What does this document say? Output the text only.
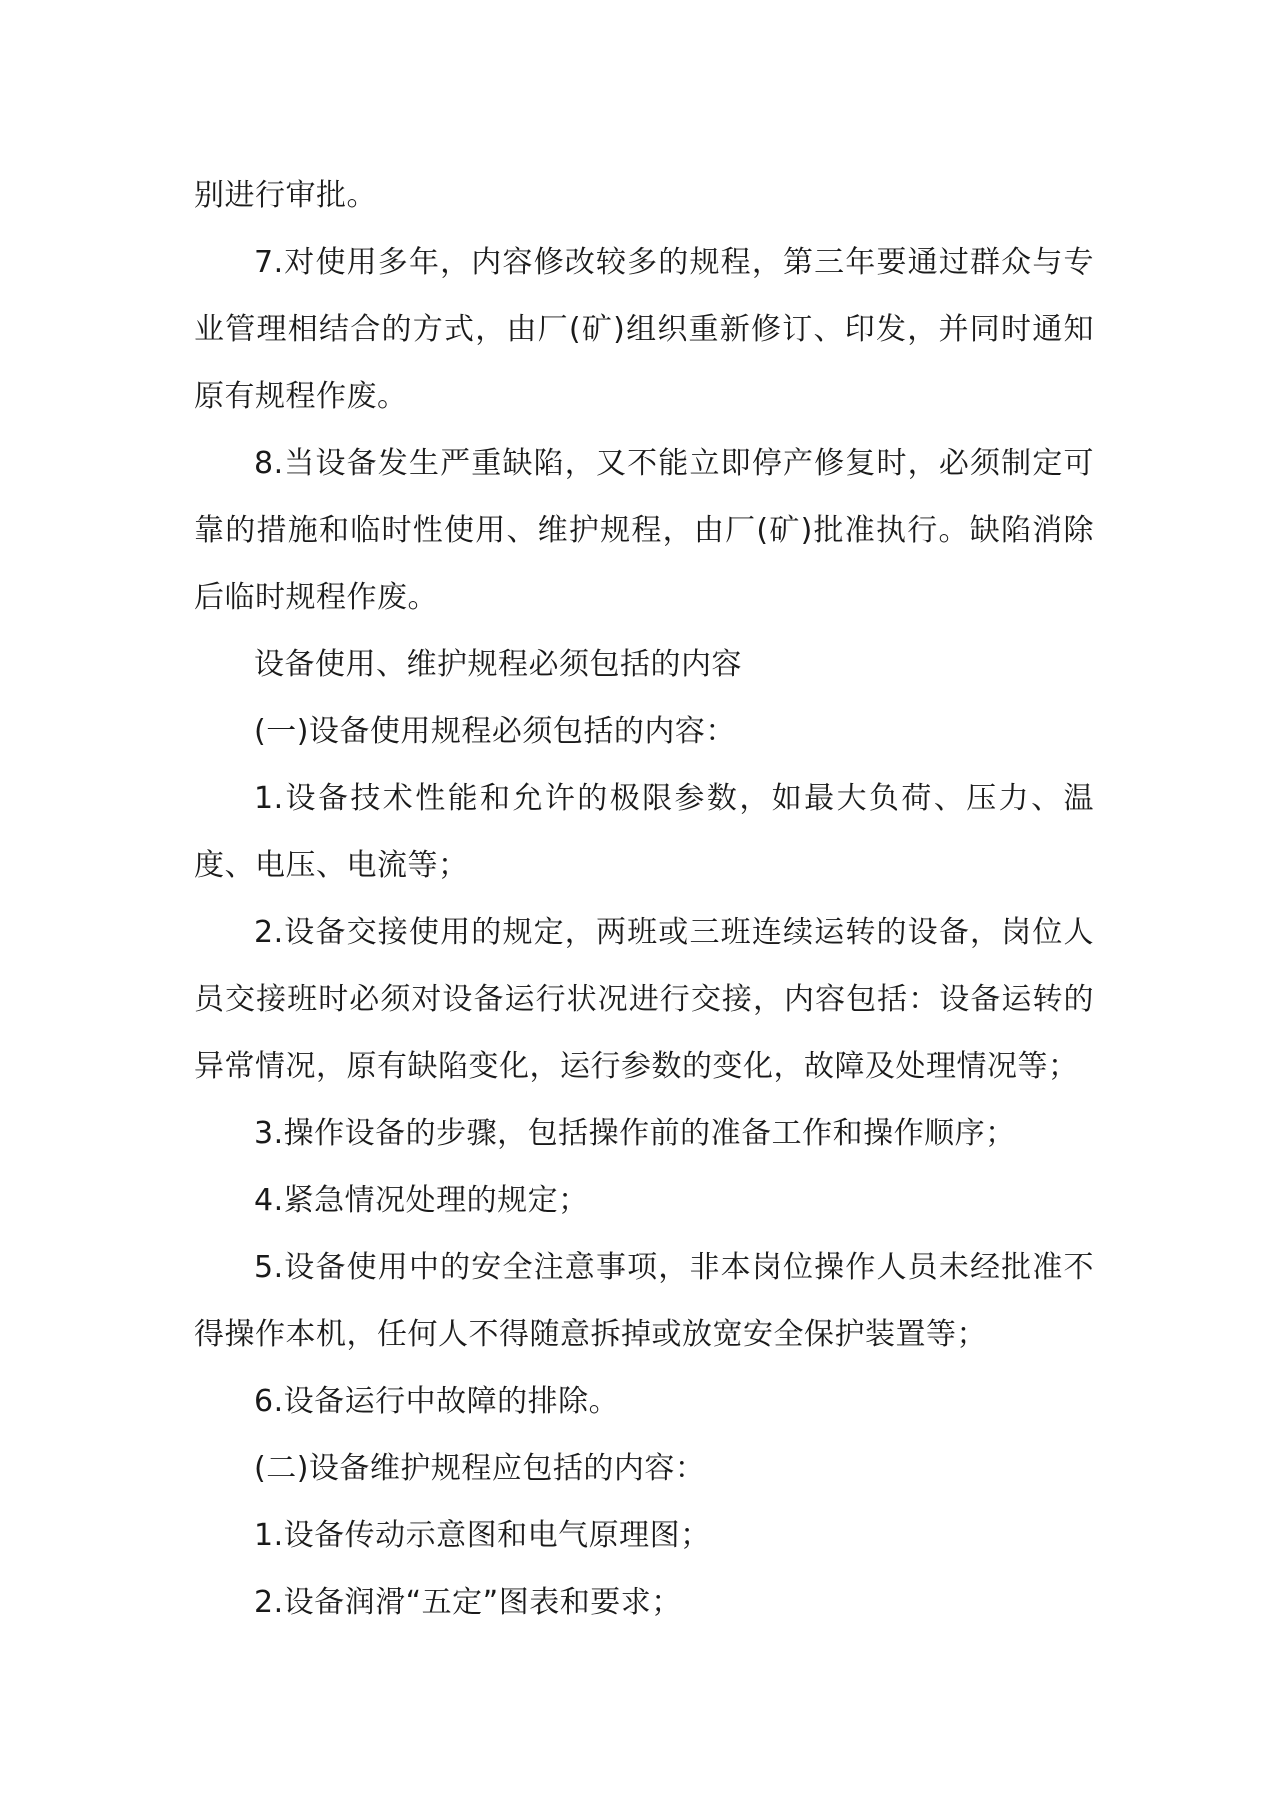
别进行审批。

7.对使用多年，内容修改较多的规程，第三年要通过群众与专业管理相结合的方式，由厂(矿)组织重新修订、印发，并同时通知原有规程作废。

8.当设备发生严重缺陷，又不能立即停产修复时，必须制定可靠的措施和临时性使用、维护规程，由厂(矿)批准执行。缺陷消除后临时规程作废。

设备使用、维护规程必须包括的内容

(一)设备使用规程必须包括的内容：

1.设备技术性能和允许的极限参数，如最大负荷、压力、温度、电压、电流等；

2.设备交接使用的规定，两班或三班连续运转的设备，岗位人员交接班时必须对设备运行状况进行交接，内容包括：设备运转的异常情况，原有缺陷变化，运行参数的变化，故障及处理情况等；

3.操作设备的步骤，包括操作前的准备工作和操作顺序；

4.紧急情况处理的规定；

5.设备使用中的安全注意事项，非本岗位操作人员未经批准不得操作本机，任何人不得随意拆掉或放宽安全保护装置等；

6.设备运行中故障的排除。

(二)设备维护规程应包括的内容：

1.设备传动示意图和电气原理图；

2.设备润滑“五定”图表和要求；
